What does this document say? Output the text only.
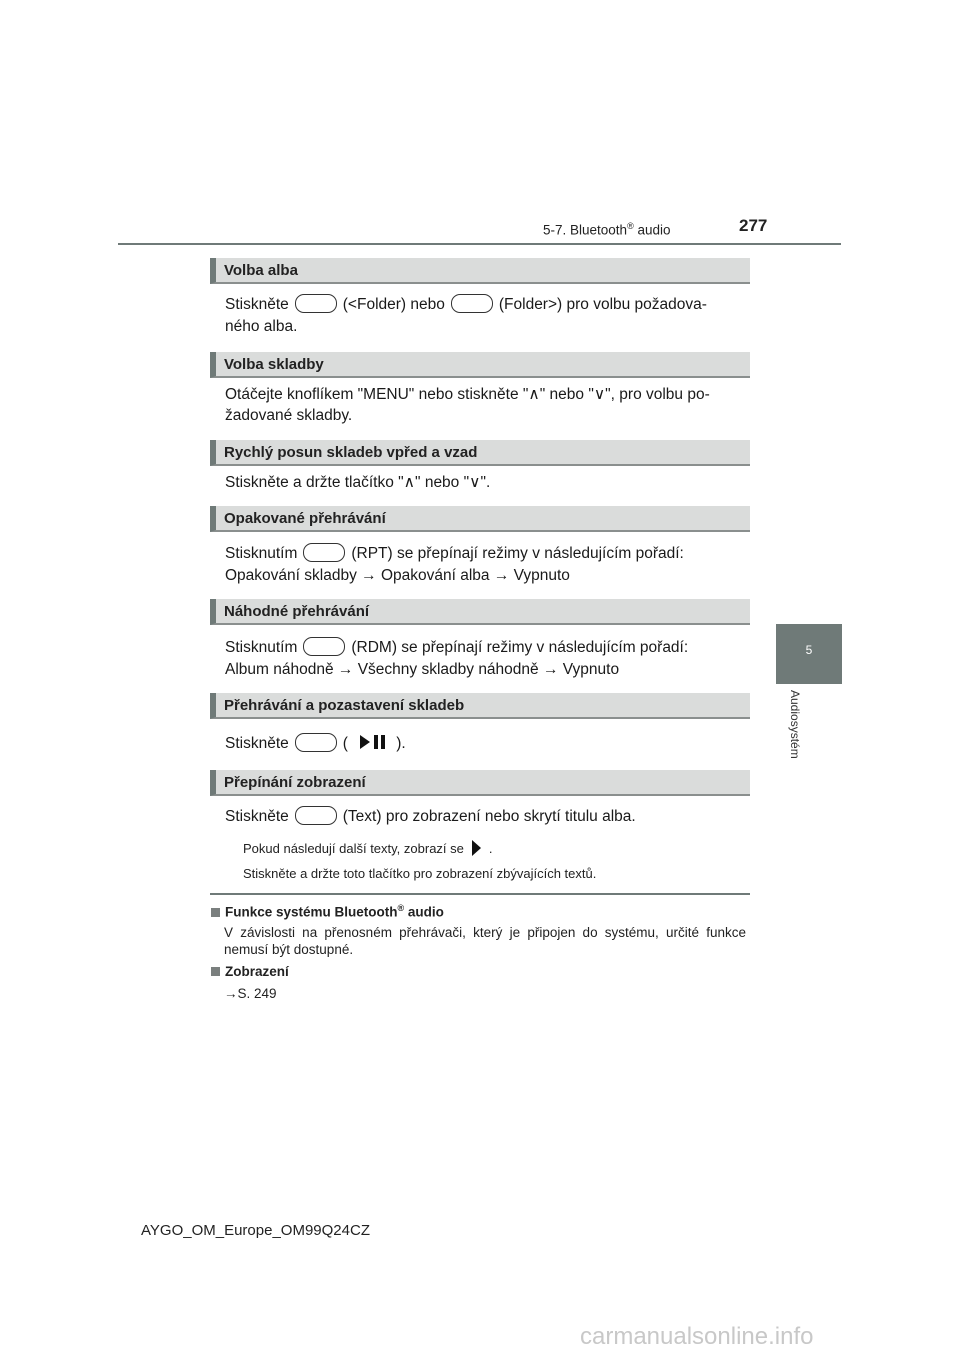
5-7. Bluetooth® audio	277
5
Audiosystém
Volba alba
Stiskněte	(<Folder) nebo	(Folder>) pro volbu požadova-
ného alba.
Volba skladby
Otáčejte knoflíkem "MENU" nebo stiskněte "∧" nebo "∨", pro volbu po-
žadované skladby.
Rychlý posun skladeb vpřed a vzad
Stiskněte a držte tlačítko "∧" nebo "∨".
Opakované přehrávání
Stisknutím	(RPT) se přepínají režimy v následujícím pořadí:
Opakování skladby → Opakování alba → Vypnuto
Náhodné přehrávání
Stisknutím	(RDM) se přepínají režimy v následujícím pořadí:
Album náhodně → Všechny skladby náhodně → Vypnuto
Přehrávání a pozastavení skladeb
Stiskněte	(	).
Přepínání zobrazení
Stiskněte	(Text) pro zobrazení nebo skrytí titulu alba.
Pokud následují další texty, zobrazí se .
Stiskněte a držte toto tlačítko pro zobrazení zbývajících textů.
Funkce systému Bluetooth® audio
V závislosti na přenosném přehrávači, který je připojen do systému, určité funkce nemusí být dostupné.
Zobrazení
→S. 249
AYGO_OM_Europe_OM99Q24CZ
carmanualsonline.info
